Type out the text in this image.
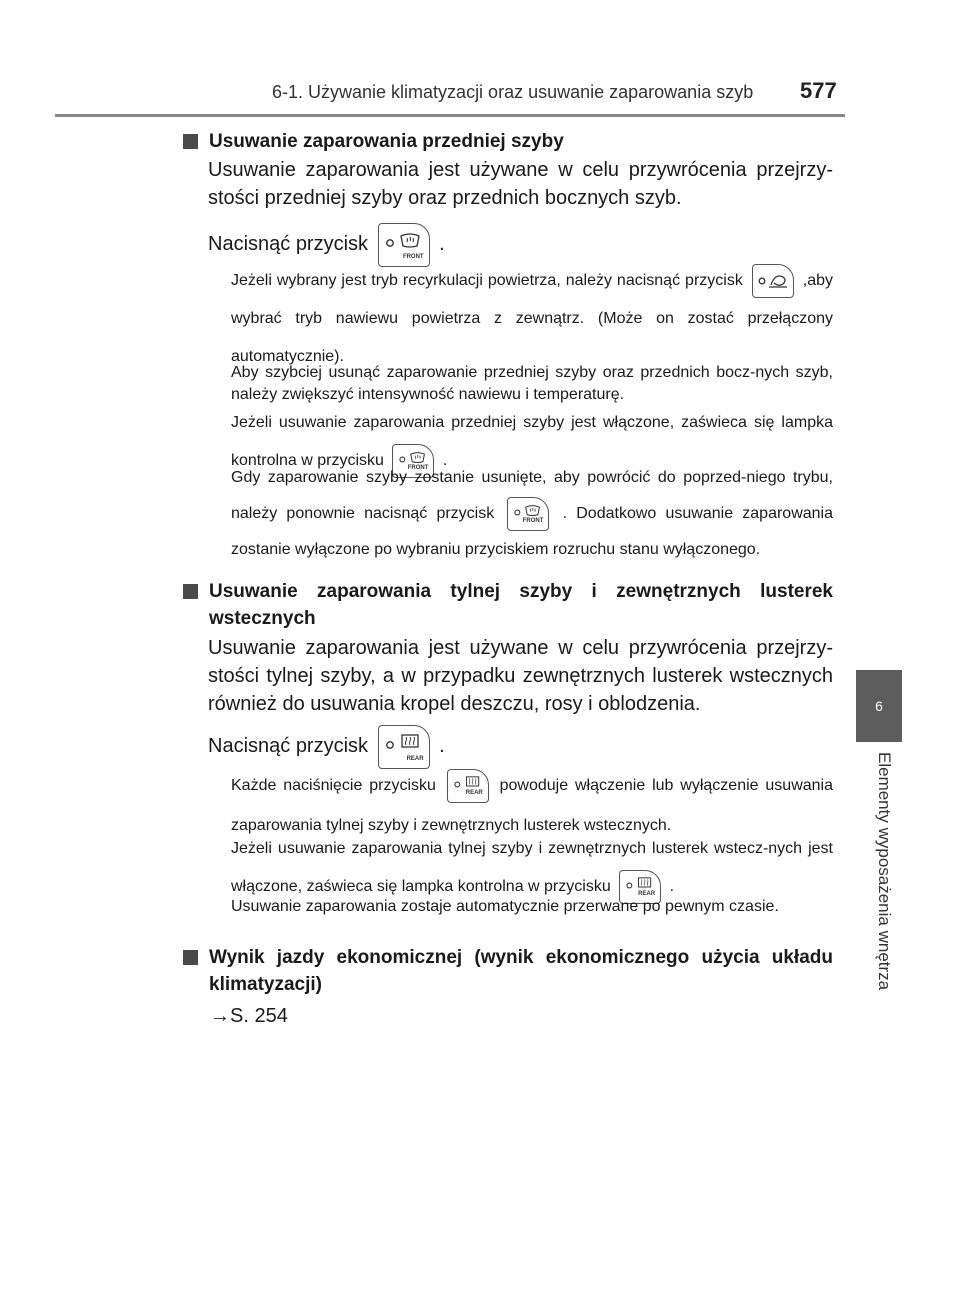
6-1. Używanie klimatyzacji oraz usuwanie zaparowania szyb	577
6
Elementy wyposażenia wnętrza
Usuwanie zaparowania przedniej szyby
Usuwanie zaparowania jest używane w celu przywrócenia przejrzy-stości przedniej szyby oraz przednich bocznych szyb.
Nacisnąć przycisk
FRONT
.
Jeżeli wybrany jest tryb recyrkulacji powietrza, należy nacisnąć przycisk	,aby wybrać tryb nawiewu powietrza z zewnątrz. (Może on zostać przełączony automatycznie).
Aby szybciej usunąć zaparowanie przedniej szyby oraz przednich bocz-nych szyb, należy zwiększyć intensywność nawiewu i temperaturę.
Jeżeli usuwanie zaparowania przedniej szyby jest włączone, zaświeca się lampka kontrolna w przycisku	FRONT .
Gdy zaparowanie szyby zostanie usunięte, aby powrócić do poprzed-niego trybu, należy ponownie nacisnąć przycisk	FRONT . Dodatkowo usuwanie zaparowania zostanie wyłączone po wybraniu przyciskiem rozruchu stanu wyłączonego.
Usuwanie zaparowania tylnej szyby i zewnętrznych lusterek wstecznych
Usuwanie zaparowania jest używane w celu przywrócenia przejrzy-stości tylnej szyby, a w przypadku zewnętrznych lusterek wstecznych również do usuwania kropel deszczu, rosy i oblodzenia.
Nacisnąć przycisk
REAR
.
Każde naciśnięcie przycisku	REAR powoduje włączenie lub wyłączenie usuwania zaparowania tylnej szyby i zewnętrznych lusterek wstecznych.
Jeżeli usuwanie zaparowania tylnej szyby i zewnętrznych lusterek wstecz-nych jest włączone, zaświeca się lampka kontrolna w przycisku	REAR .
Usuwanie zaparowania zostaje automatycznie przerwane po pewnym czasie.
Wynik jazdy ekonomicznej (wynik ekonomicznego użycia układu klimatyzacji)
→S. 254
